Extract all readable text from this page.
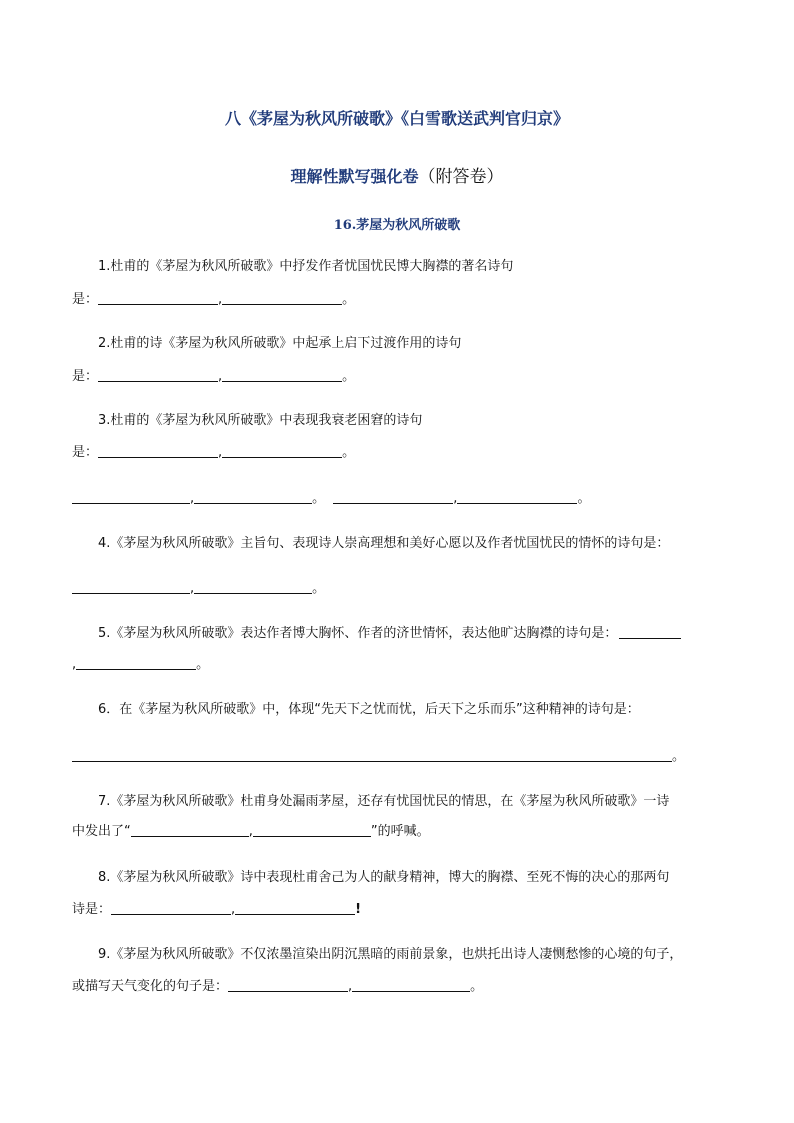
八《茅屋为秋风所破歌》《白雪歌送武判官归京》
理解性默写强化卷（附答卷）
16.茅屋为秋风所破歌
1.杜甫的《茅屋为秋风所破歌》中抒发作者忧国忧民博大胸襟的著名诗句
是：	,	。
2.杜甫的诗《茅屋为秋风所破歌》中起承上启下过渡作用的诗句
是：	,	。
3.杜甫的《茅屋为秋风所破歌》中表现我衰老困窘的诗句
是：	,	。
,	。	,	。
4.《茅屋为秋风所破歌》主旨句、表现诗人崇高理想和美好心愿以及作者忧国忧民的情怀的诗句是：
,	。
5.《茅屋为秋风所破歌》表达作者博大胸怀、作者的济世情怀，表达他旷达胸襟的诗句是：
,	。
6．在《茅屋为秋风所破歌》中，体现“先天下之忧而忧，后天下之乐而乐”这种精神的诗句是：
。
7.《茅屋为秋风所破歌》杜甫身处漏雨茅屋，还存有忧国忧民的情思，在《茅屋为秋风所破歌》一诗
中发出了“	,	”的呼喊。
8.《茅屋为秋风所破歌》诗中表现杜甫舍己为人的献身精神，博大的胸襟、至死不悔的决心的那两句
诗是：	,	!
9.《茅屋为秋风所破歌》不仅浓墨渲染出阴沉黑暗的雨前景象，也烘托出诗人凄恻愁惨的心境的句子，
或描写天气变化的句子是：	,	。
